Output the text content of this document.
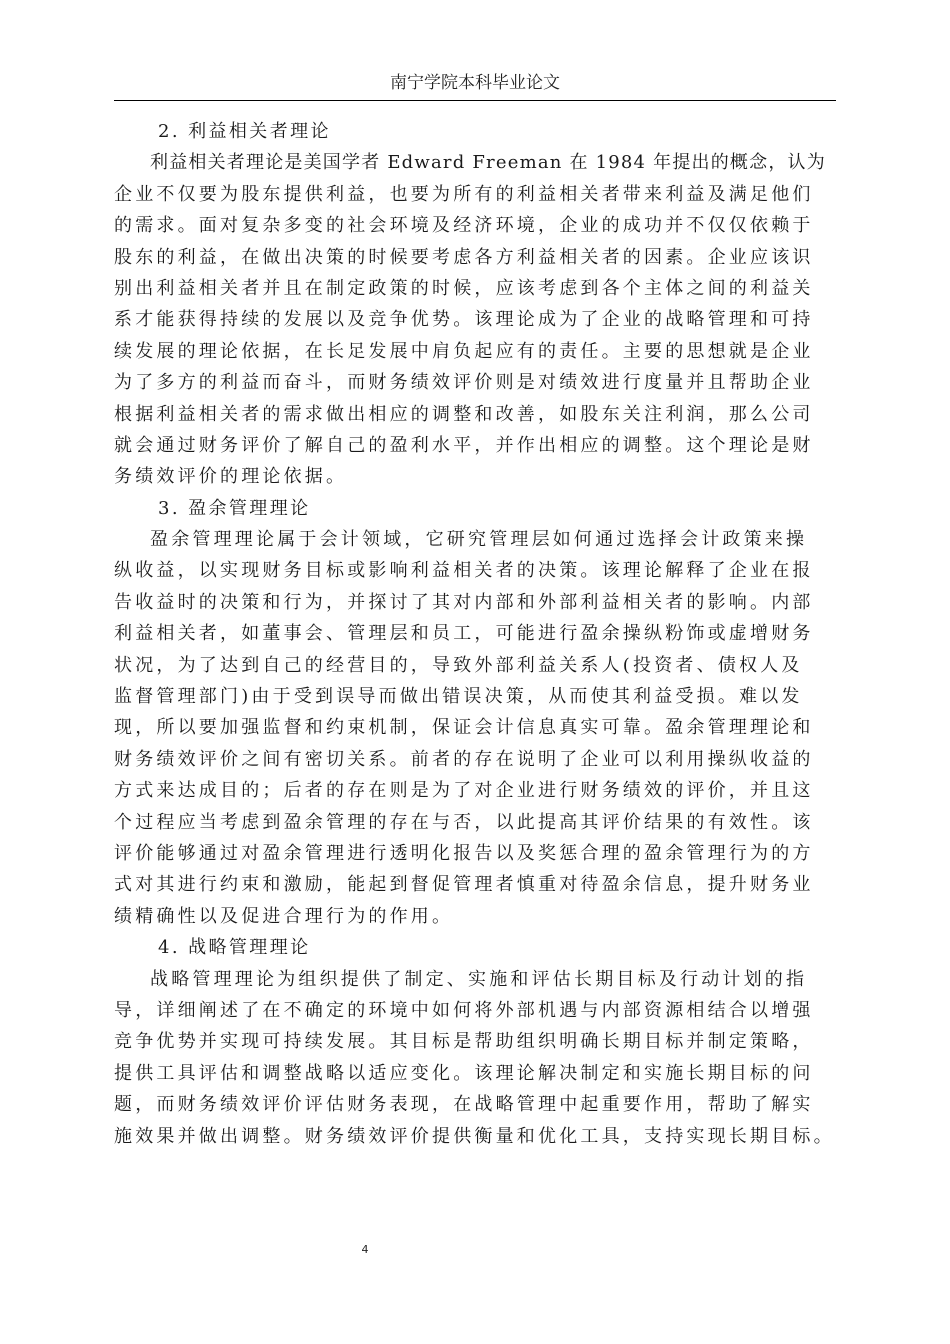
南宁学院本科毕业论文
2. 利益相关者理论
利益相关者理论是美国学者 Edward Freeman 在 1984 年提出的概念，认为
企业不仅要为股东提供利益，也要为所有的利益相关者带来利益及满足他们
的需求。面对复杂多变的社会环境及经济环境，企业的成功并不仅仅依赖于
股东的利益，在做出决策的时候要考虑各方利益相关者的因素。企业应该识
别出利益相关者并且在制定政策的时候，应该考虑到各个主体之间的利益关
系才能获得持续的发展以及竞争优势。该理论成为了企业的战略管理和可持
续发展的理论依据，在长足发展中肩负起应有的责任。主要的思想就是企业
为了多方的利益而奋斗，而财务绩效评价则是对绩效进行度量并且帮助企业
根据利益相关者的需求做出相应的调整和改善，如股东关注利润，那么公司
就会通过财务评价了解自己的盈利水平，并作出相应的调整。这个理论是财
务绩效评价的理论依据。
3. 盈余管理理论
盈余管理理论属于会计领域，它研究管理层如何通过选择会计政策来操
纵收益，以实现财务目标或影响利益相关者的决策。该理论解释了企业在报
告收益时的决策和行为，并探讨了其对内部和外部利益相关者的影响。内部
利益相关者，如董事会、管理层和员工，可能进行盈余操纵粉饰或虚增财务
状况，为了达到自己的经营目的，导致外部利益关系人(投资者、债权人及
监督管理部门)由于受到误导而做出错误决策，从而使其利益受损。难以发
现，所以要加强监督和约束机制，保证会计信息真实可靠。盈余管理理论和
财务绩效评价之间有密切关系。前者的存在说明了企业可以利用操纵收益的
方式来达成目的；后者的存在则是为了对企业进行财务绩效的评价，并且这
个过程应当考虑到盈余管理的存在与否，以此提高其评价结果的有效性。该
评价能够通过对盈余管理进行透明化报告以及奖惩合理的盈余管理行为的方
式对其进行约束和激励，能起到督促管理者慎重对待盈余信息，提升财务业
绩精确性以及促进合理行为的作用。
4. 战略管理理论
战略管理理论为组织提供了制定、实施和评估长期目标及行动计划的指
导，详细阐述了在不确定的环境中如何将外部机遇与内部资源相结合以增强
竞争优势并实现可持续发展。其目标是帮助组织明确长期目标并制定策略，
提供工具评估和调整战略以适应变化。该理论解决制定和实施长期目标的问
题，而财务绩效评价评估财务表现，在战略管理中起重要作用，帮助了解实
施效果并做出调整。财务绩效评价提供衡量和优化工具，支持实现长期目标。
4
